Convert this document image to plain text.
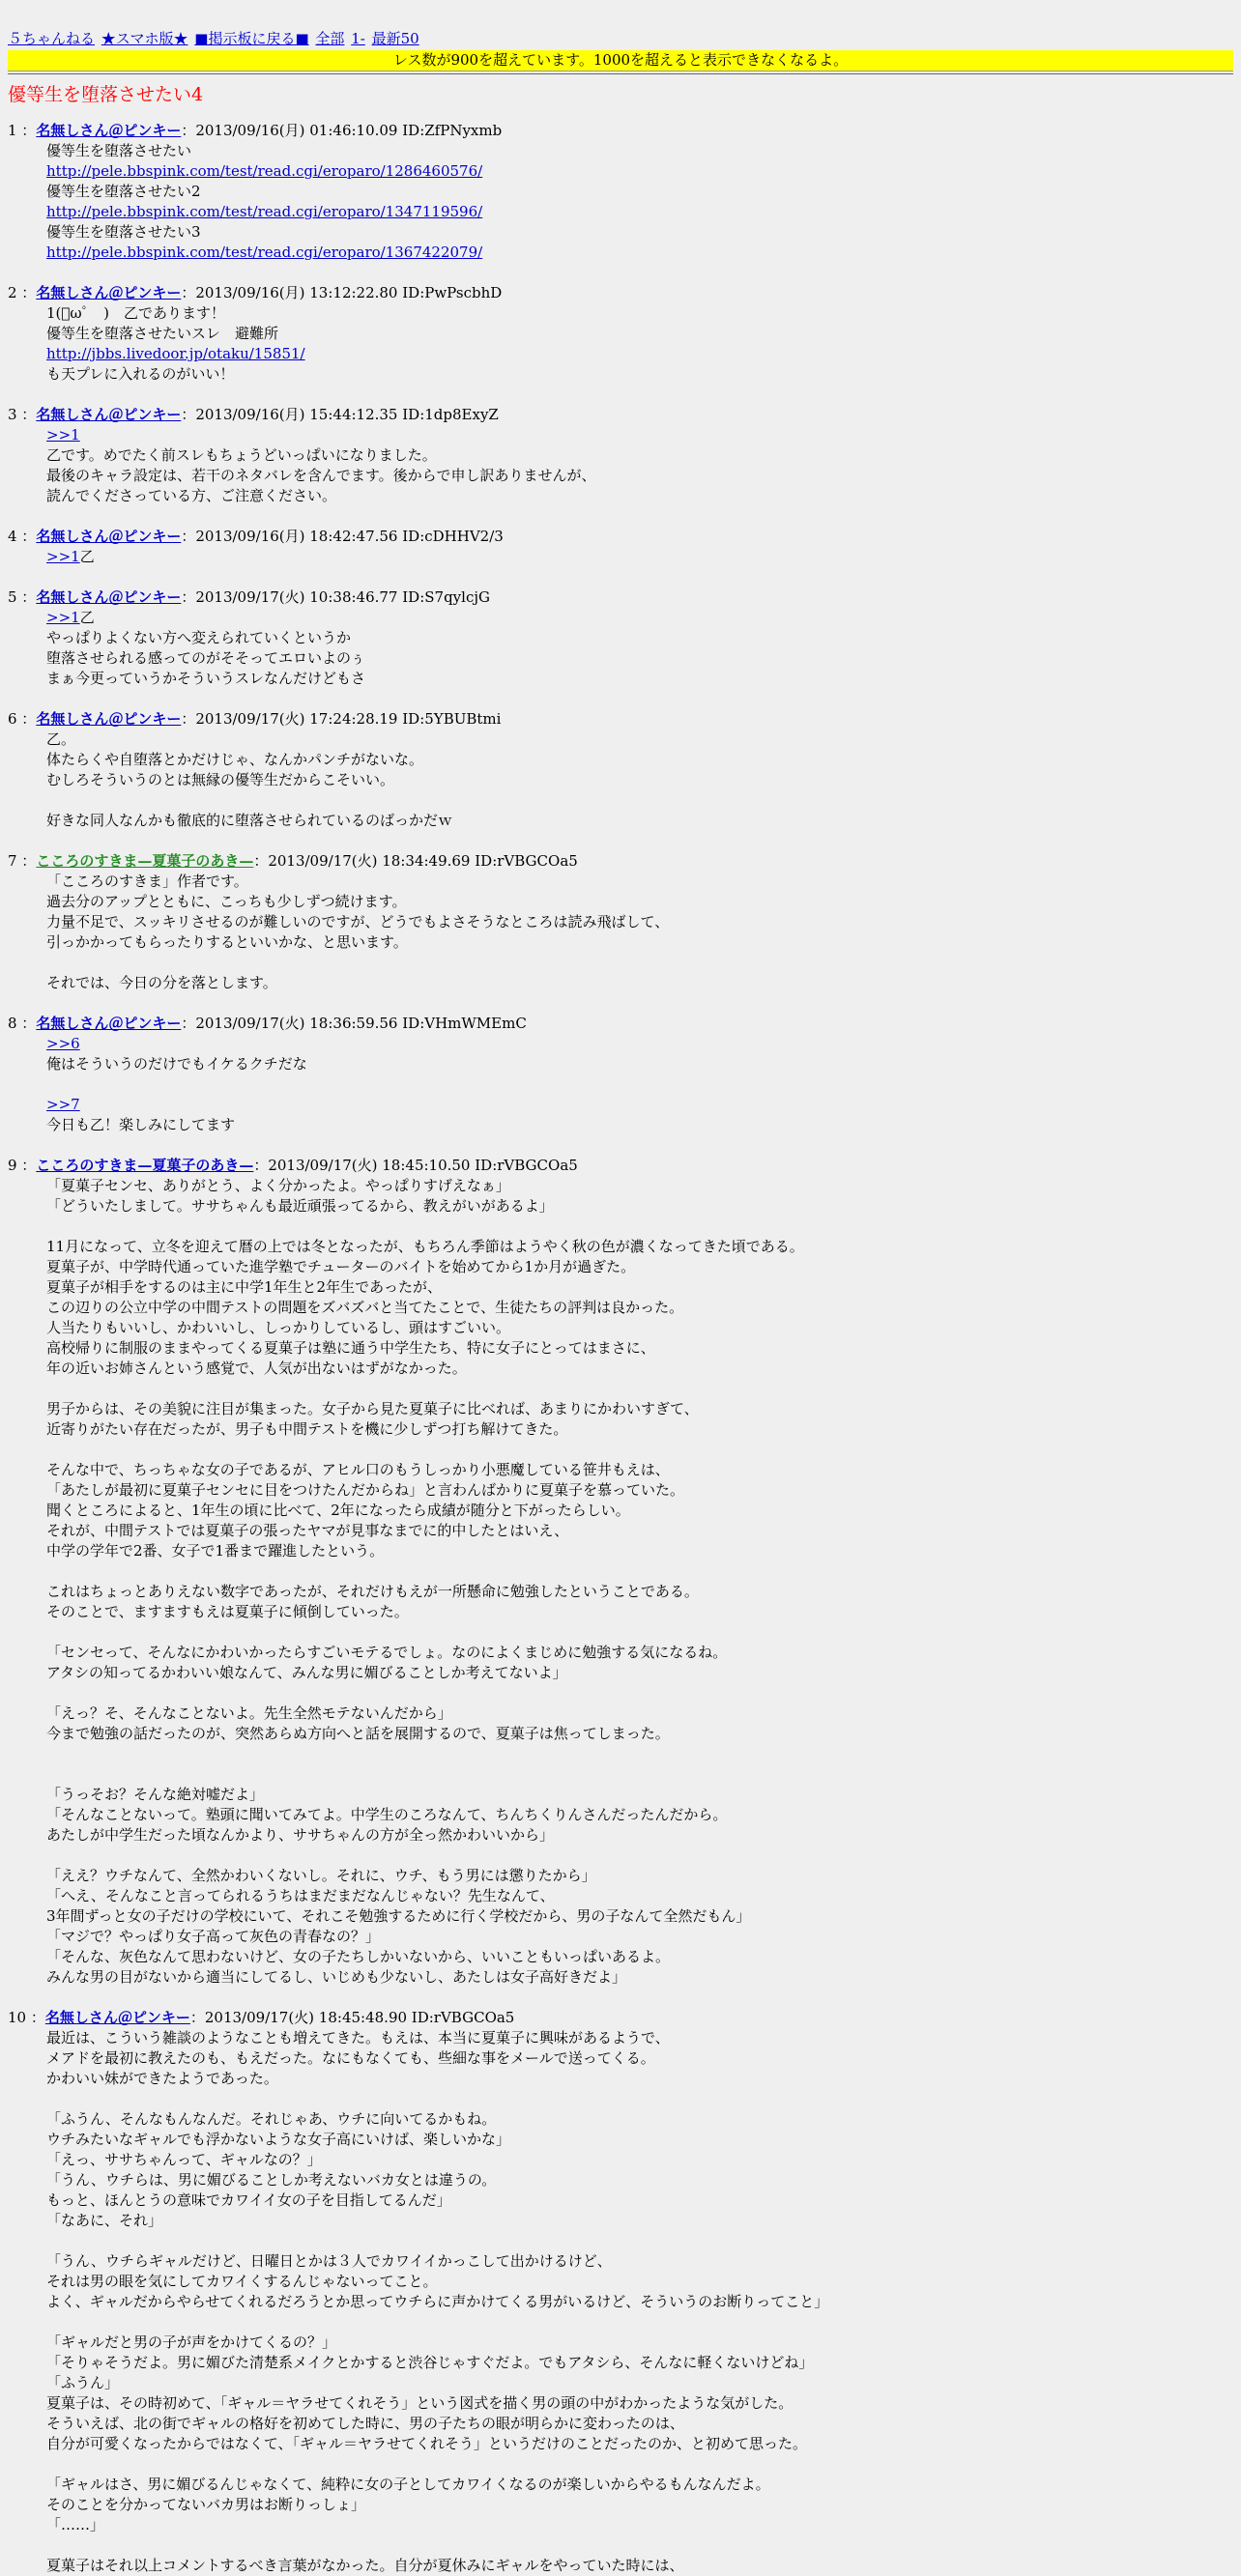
５ちゃんねる ★スマホ版★ ■掲示板に戻る■ 全部 1- 最新50
レス数が900を超えています。1000を超えると表示できなくなるよ。
優等生を堕落させたい4
1 ：名無しさん＠ピンキー：2013/09/16(月) 01:46:10.09 ID:ZfPNyxmb
優等生を堕落させたい
http://pele.bbspink.com/test/read.cgi/eroparo/1286460576/
優等生を堕落させたい2
http://pele.bbspink.com/test/read.cgi/eroparo/1347119596/
優等生を堕落させたい3
http://pele.bbspink.com/test/read.cgi/eroparo/1367422079/
2 ：名無しさん＠ピンキー：2013/09/16(月) 13:12:22.80 ID:PwPscbhD
1(ﾟωﾟ　)　乙であります！
優等生を堕落させたいスレ　避難所
http://jbbs.livedoor.jp/otaku/15851/
も天プレに入れるのがいい！
3 ：名無しさん＠ピンキー：2013/09/16(月) 15:44:12.35 ID:1dp8ExyZ
>>1
乙です。めでたく前スレもちょうどいっぱいになりました。
最後のキャラ設定は、若干のネタバレを含んでます。後からで申し訳ありませんが、
読んでくださっている方、ご注意ください。
4 ：名無しさん＠ピンキー：2013/09/16(月) 18:42:47.56 ID:cDHHV2/3
>>1乙
5 ：名無しさん＠ピンキー：2013/09/17(火) 10:38:46.77 ID:S7qylcjG
>>1乙
やっぱりよくない方へ変えられていくというか
堕落させられる感ってのがそそってエロいよのぅ
まぁ今更っていうかそういうスレなんだけどもさ
6 ：名無しさん＠ピンキー：2013/09/17(火) 17:24:28.19 ID:5YBUBtmi
乙。
体たらくや自堕落とかだけじゃ、なんかパンチがないな。
むしろそういうのとは無縁の優等生だからこそいい。
好きな同人なんかも徹底的に堕落させられているのばっかだｗ
7 ：こころのすきま—夏菓子のあき—：2013/09/17(火) 18:34:49.69 ID:rVBGCOa5
「こころのすきま」作者です。
過去分のアップとともに、こっちも少しずつ続けます。
力量不足で、スッキリさせるのが難しいのですが、どうでもよさそうなところは読み飛ばして、
引っかかってもらったりするといいかな、と思います。
それでは、今日の分を落とします。
8 ：名無しさん＠ピンキー：2013/09/17(火) 18:36:59.56 ID:VHmWMEmC
>>6
俺はそういうのだけでもイケるクチだな
>>7
今日も乙！楽しみにしてます
9 ：こころのすきま—夏菓子のあき—：2013/09/17(火) 18:45:10.50 ID:rVBGCOa5
「夏菓子センセ、ありがとう、よく分かったよ。やっぱりすげえなぁ」
「どういたしまして。ササちゃんも最近頑張ってるから、教えがいがあるよ」
11月になって、立冬を迎えて暦の上では冬となったが、もちろん季節はようやく秋の色が濃くなってきた頃である。
夏菓子が、中学時代通っていた進学塾でチューターのバイトを始めてから1か月が過ぎた。
夏菓子が相手をするのは主に中学1年生と2年生であったが、
この辺りの公立中学の中間テストの問題をズバズバと当てたことで、生徒たちの評判は良かった。
人当たりもいいし、かわいいし、しっかりしているし、頭はすごいい。
高校帰りに制服のままやってくる夏菓子は塾に通う中学生たち、特に女子にとってはまさに、
年の近いお姉さんという感覚で、人気が出ないはずがなかった。
男子からは、その美貌に注目が集まった。女子から見た夏菓子に比べれば、あまりにかわいすぎて、
近寄りがたい存在だったが、男子も中間テストを機に少しずつ打ち解けてきた。
そんな中で、ちっちゃな女の子であるが、アヒル口のもうしっかり小悪魔している笹井もえは、
「あたしが最初に夏菓子センセに目をつけたんだからね」と言わんばかりに夏菓子を慕っていた。
聞くところによると、1年生の頃に比べて、2年になったら成績が随分と下がったらしい。
それが、中間テストでは夏菓子の張ったヤマが見事なまでに的中したとはいえ、
中学の学年で2番、女子で1番まで躍進したという。
これはちょっとありえない数字であったが、それだけもえが一所懸命に勉強したということである。
そのことで、ますますもえは夏菓子に傾倒していった。
「センセって、そんなにかわいかったらすごいモテるでしょ。なのによくまじめに勉強する気になるね。
アタシの知ってるかわいい娘なんて、みんな男に媚びることしか考えてないよ」
「えっ？そ、そんなことないよ。先生全然モテないんだから」
今まで勉強の話だったのが、突然あらぬ方向へと話を展開するので、夏菓子は焦ってしまった。
「うっそお？そんな絶対嘘だよ」
「そんなことないって。塾頭に聞いてみてよ。中学生のころなんて、ちんちくりんさんだったんだから。
あたしが中学生だった頃なんかより、ササちゃんの方が全っ然かわいいから」
「ええ？ウチなんて、全然かわいくないし。それに、ウチ、もう男には懲りたから」
「へえ、そんなこと言ってられるうちはまだまだなんじゃない？先生なんて、
3年間ずっと女の子だけの学校にいて、それこそ勉強するために行く学校だから、男の子なんて全然だもん」
「マジで？やっぱり女子高って灰色の青春なの？」
「そんな、灰色なんて思わないけど、女の子たちしかいないから、いいこともいっぱいあるよ。
みんな男の目がないから適当にしてるし、いじめも少ないし、あたしは女子高好きだよ」
10 ：名無しさん＠ピンキー：2013/09/17(火) 18:45:48.90 ID:rVBGCOa5
最近は、こういう雑談のようなことも増えてきた。もえは、本当に夏菓子に興味があるようで、
メアドを最初に教えたのも、もえだった。なにもなくても、些細な事をメールで送ってくる。
かわいい妹ができたようであった。
「ふうん、そんなもんなんだ。それじゃあ、ウチに向いてるかもね。
ウチみたいなギャルでも浮かないような女子高にいけば、楽しいかな」
「えっ、ササちゃんって、ギャルなの？」
「うん、ウチらは、男に媚びることしか考えないバカ女とは違うの。
もっと、ほんとうの意味でカワイイ女の子を目指してるんだ」
「なあに、それ」
「うん、ウチらギャルだけど、日曜日とかは３人でカワイイかっこして出かけるけど、
それは男の眼を気にしてカワイくするんじゃないってこと。
よく、ギャルだからやらせてくれるだろうとか思ってウチらに声かけてくる男がいるけど、そういうのお断りってこと」
「ギャルだと男の子が声をかけてくるの？」
「そりゃそうだよ。男に媚びた清楚系メイクとかすると渋谷じゃすぐだよ。でもアタシら、そんなに軽くないけどね」
「ふうん」
夏菓子は、その時初めて、「ギャル＝ヤラせてくれそう」という図式を描く男の頭の中がわかったような気がした。
そういえば、北の街でギャルの格好を初めてした時に、男の子たちの眼が明らかに変わったのは、
自分が可愛くなったからではなくて、「ギャル＝ヤラせてくれそう」というだけのことだったのか、と初めて思った。
「ギャルはさ、男に媚びるんじゃなくて、純粋に女の子としてカワイくなるのが楽しいからやるもんなんだよ。
そのことを分かってないバカ男はお断りっしょ」
「……」
夏菓子はそれ以上コメントするべき言葉がなかった。自分が夏休みにギャルをやっていた時には、
